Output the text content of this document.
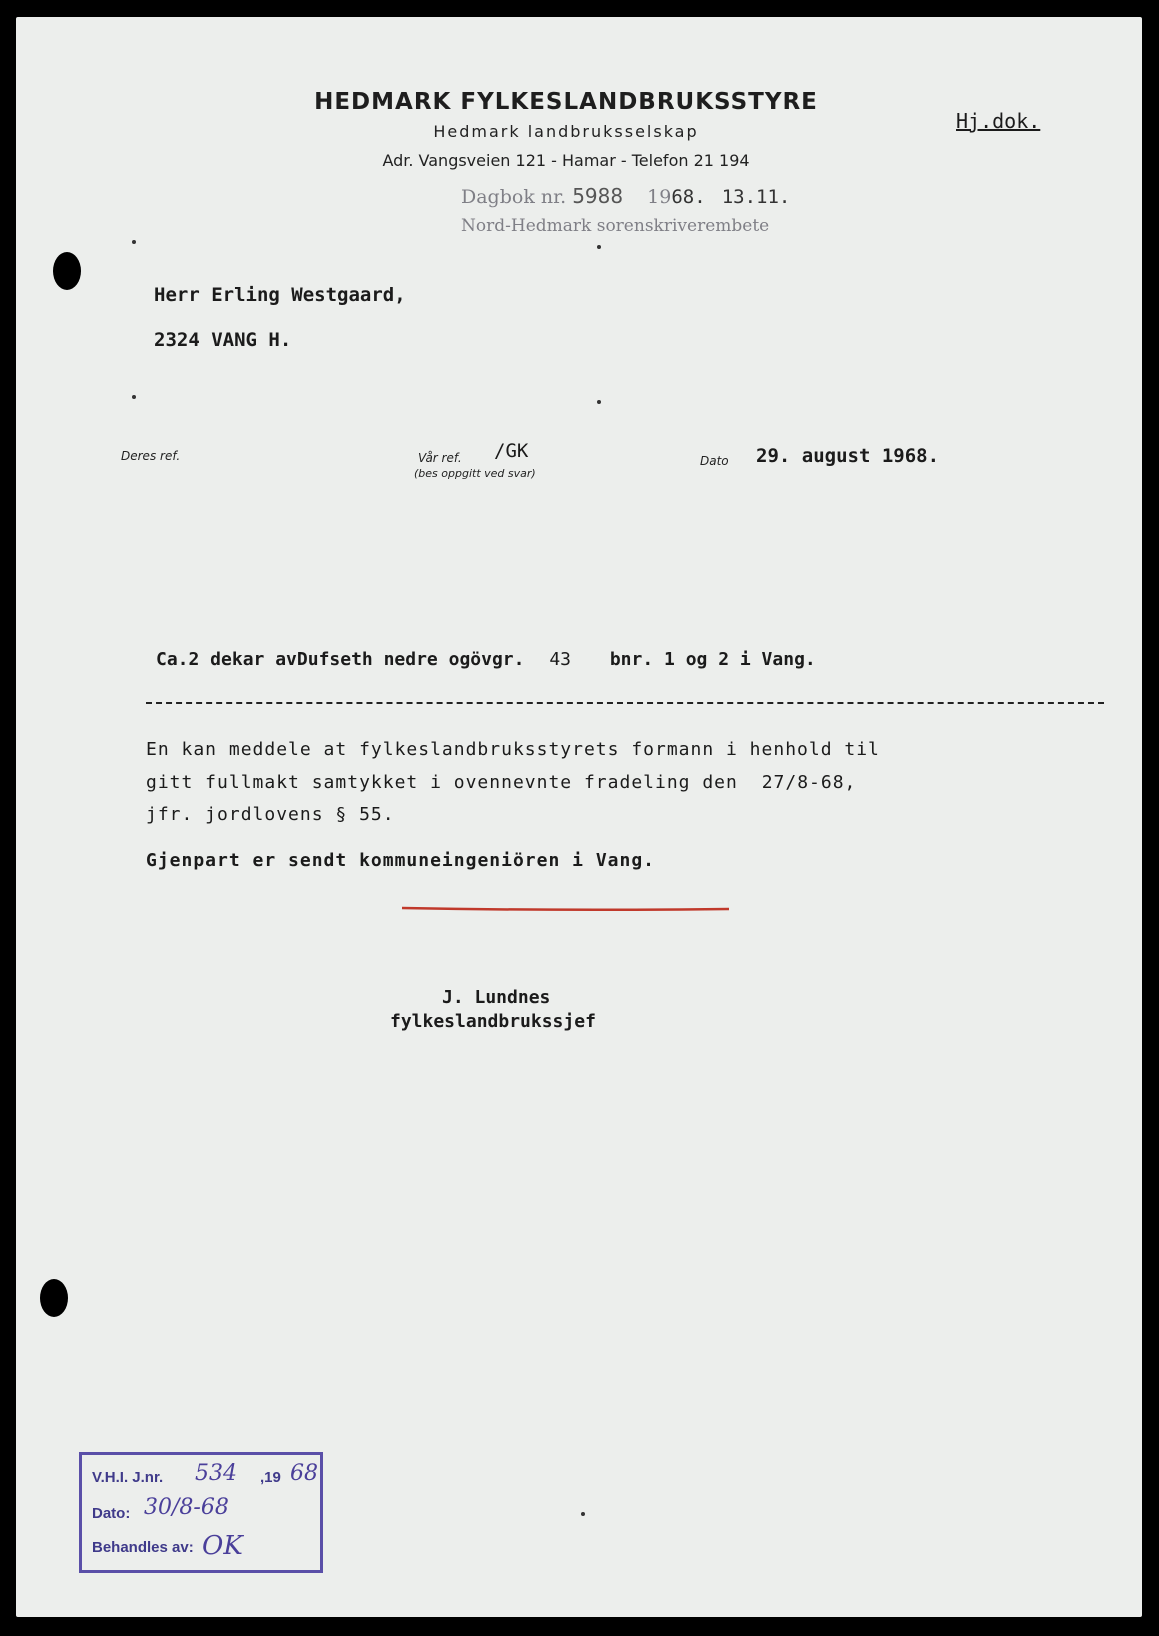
HEDMARK FYLKESLANDBRUKSSTYRE
Hedmark landbruksselskap
Adr. Vangsveien 121 - Hamar - Telefon 21 194
Hj.dok.
Dagbok nr. 5988 1968. 13.11.
Nord-Hedmark sorenskriverembete
Herr Erling Westgaard,
2324 VANG H.
Deres ref.	Vår ref.
(bes oppgitt ved svar)
/GK	Dato 29. august 1968.
Ca.2 dekar avDufseth nedre ogövgr. 43 bnr. 1 og 2 i Vang.
En kan meddele at fylkeslandbruksstyrets formann i henhold til
gitt fullmakt samtykket i ovennevnte fradeling den 27/8-68,
jfr. jordlovens § 55.
Gjenpart er sendt kommuneingeniören i Vang.
J. Lundnes
fylkeslandbrukssjef
V.H.I. J.nr. 534 ,19 68
Dato: 30/8-68
Behandles av: OK
